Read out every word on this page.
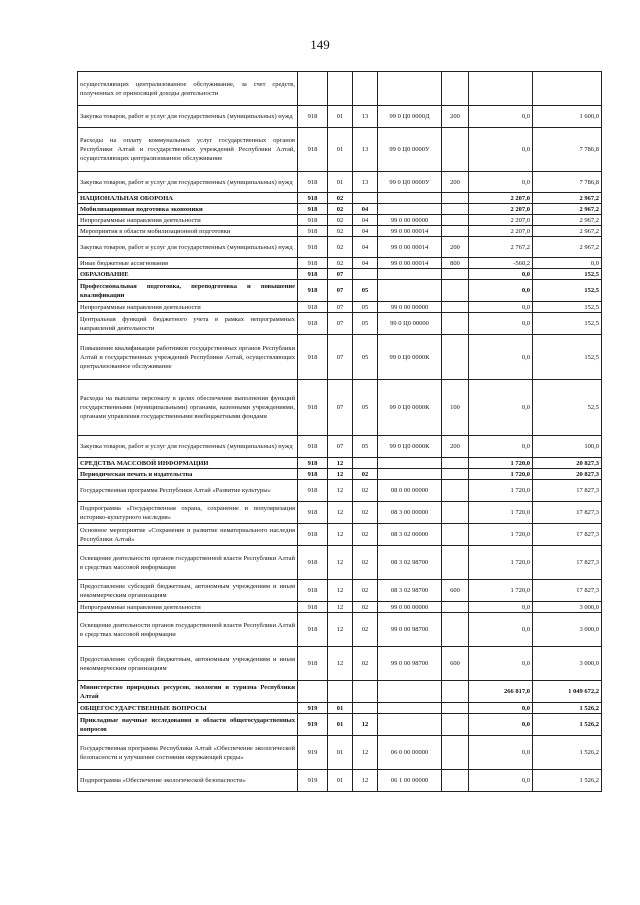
149
осуществляющих централизованное обслуживание, за счет средств, полученных от приносящей доходы деятельности							
Закупка товаров, работ и услуг для государственных (муниципальных) нужд	918	01	13	99 0 Ц0 0000Д	200	0,0	1 600,0
Расходы на оплату коммунальных услуг государственных органов Республики Алтай и государственных учреждений Республики Алтай, осуществляющих централизованное обслуживание	918	01	13	99 0 Ц0 0000У		0,0	7 786,8
Закупка товаров, работ и услуг для государственных (муниципальных) нужд	918	01	13	99 0 Ц0 0000У	200	0,0	7 786,8
НАЦИОНАЛЬНАЯ ОБОРОНА	918	02				2 207,0	2 967,2
Мобилизационная подготовка экономики	918	02	04			2 207,0	2 967,2
Непрограммные направления деятельности	918	02	04	99 0 00 00000		2 207,0	2 967,2
Мероприятия в области мобилизационной подготовки	918	02	04	99 0 00 00014		2 207,0	2 967,2
Закупка товаров, работ и услуг для государственных (муниципальных) нужд	918	02	04	99 0 00 00014	200	2 767,2	2 967,2
Иные бюджетные ассигнования	918	02	04	99 0 00 00014	800	-560,2	0,0
ОБРАЗОВАНИЕ	918	07				0,0	152,5
Профессиональная подготовка, переподготовка и повышение квалификации	918	07	05			0,0	152,5
Непрограммные направления деятельности	918	07	05	99 0 00 00000		0,0	152,5
Центральная функций бюджетного учета в рамках непрограммных направлений деятельности	918	07	05	99 0 Ц0 00000		0,0	152,5
Повышение квалификации работников государственных органов Республики Алтай и государственных учреждений Республики Алтай, осуществляющих централизованное обслуживание	918	07	05	99 0 Ц0 0000К		0,0	152,5
Расходы на выплаты персоналу в целях обеспечения выполнения функций государственными (муниципальными) органами, казенными учреждениями, органами управления государственными внебюджетными фондами	918	07	05	99 0 Ц0 0000К	100	0,0	52,5
Закупка товаров, работ и услуг для государственных (муниципальных) нужд	918	07	05	99 0 Ц0 0000К	200	0,0	100,0
СРЕДСТВА МАССОВОЙ ИНФОРМАЦИИ	918	12				1 720,0	20 827,3
Периодическая печать и издательства	918	12	02			1 720,0	20 827,3
Государственная программа Республики Алтай «Развитие культуры»	918	12	02	08 0 00 00000		1 720,0	17 827,3
Подпрограмма «Государственная охрана, сохранение и популяризация историко-культурного наследия»	918	12	02	08 3 00 00000		1 720,0	17 827,3
Основное мероприятие «Сохранение и развитие нематериального наследия Республики Алтай»	918	12	02	08 3 02 00000		1 720,0	17 827,3
Освещение деятельности органов государственной власти Республики Алтай в средствах массовой информации	918	12	02	08 3 02 98700		1 720,0	17 827,3
Предоставление субсидий бюджетным, автономным учреждениям и иным некоммерческим организациям	918	12	02	08 3 02 98700	600	1 720,0	17 827,3
Непрограммные направления деятельности	918	12	02	99 0 00 00000		0,0	3 000,0
Освещение деятельности органов государственной власти Республики Алтай в средствах массовой информации	918	12	02	99 0 00 98700		0,0	3 000,0
Предоставление субсидий бюджетным, автономным учреждениям и иным некоммерческим организациям	918	12	02	99 0 00 98700	600	0,0	3 000,0
Министерство природных ресурсов, экологии и туризма Республики Алтай						266 817,0	1 049 672,2
ОБЩЕГОСУДАРСТВЕННЫЕ ВОПРОСЫ	919	01				0,0	1 526,2
Прикладные научные исследования в области общегосударственных вопросов	919	01	12			0,0	1 526,2
Государственная программа Республики Алтай «Обеспечение экологической безопасности и улучшение состояния окружающей среды»	919	01	12	06 0 00 00000		0,0	1 526,2
Подпрограмма «Обеспечение экологической безопасности»	919	01	12	06 1 00 00000		0,0	1 526,2
